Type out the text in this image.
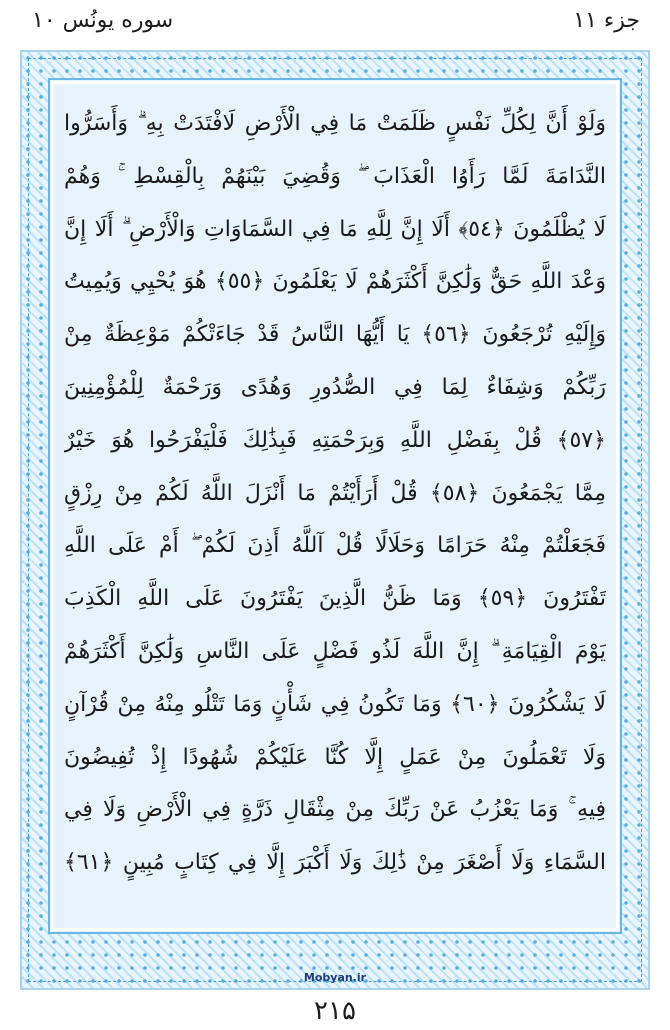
جزء ۱۱
سوره یونُس ۱۰
وَلَوْ أَنَّ لِكُلِّ نَفْسٍ ظَلَمَتْ مَا فِي الْأَرْضِ لَافْتَدَتْ بِهِ ۗ وَأَسَرُّوا
النَّدَامَةَ لَمَّا رَأَوُا الْعَذَابَ ۖ وَقُضِيَ بَيْنَهُمْ بِالْقِسْطِ ۚ وَهُمْ
لَا يُظْلَمُونَ ﴿٥٤﴾ أَلَا إِنَّ لِلَّهِ مَا فِي السَّمَاوَاتِ وَالْأَرْضِ ۗ أَلَا إِنَّ
وَعْدَ اللَّهِ حَقٌّ وَلَٰكِنَّ أَكْثَرَهُمْ لَا يَعْلَمُونَ ﴿٥٥﴾ هُوَ يُحْيِي وَيُمِيتُ
وَإِلَيْهِ تُرْجَعُونَ ﴿٥٦﴾ يَا أَيُّهَا النَّاسُ قَدْ جَاءَتْكُمْ مَوْعِظَةٌ مِنْ
رَبِّكُمْ وَشِفَاءٌ لِمَا فِي الصُّدُورِ وَهُدًى وَرَحْمَةٌ لِلْمُؤْمِنِينَ
﴿٥٧﴾ قُلْ بِفَضْلِ اللَّهِ وَبِرَحْمَتِهِ فَبِذَٰلِكَ فَلْيَفْرَحُوا هُوَ خَيْرٌ
مِمَّا يَجْمَعُونَ ﴿٥٨﴾ قُلْ أَرَأَيْتُمْ مَا أَنْزَلَ اللَّهُ لَكُمْ مِنْ رِزْقٍ
فَجَعَلْتُمْ مِنْهُ حَرَامًا وَحَلَالًا قُلْ آللَّهُ أَذِنَ لَكُمْ ۖ أَمْ عَلَى اللَّهِ
تَفْتَرُونَ ﴿٥٩﴾ وَمَا ظَنُّ الَّذِينَ يَفْتَرُونَ عَلَى اللَّهِ الْكَذِبَ
يَوْمَ الْقِيَامَةِ ۗ إِنَّ اللَّهَ لَذُو فَضْلٍ عَلَى النَّاسِ وَلَٰكِنَّ أَكْثَرَهُمْ
لَا يَشْكُرُونَ ﴿٦٠﴾ وَمَا تَكُونُ فِي شَأْنٍ وَمَا تَتْلُو مِنْهُ مِنْ قُرْآنٍ
وَلَا تَعْمَلُونَ مِنْ عَمَلٍ إِلَّا كُنَّا عَلَيْكُمْ شُهُودًا إِذْ تُفِيضُونَ
فِيهِ ۚ وَمَا يَعْزُبُ عَنْ رَبِّكَ مِنْ مِثْقَالِ ذَرَّةٍ فِي الْأَرْضِ وَلَا فِي
السَّمَاءِ وَلَا أَصْغَرَ مِنْ ذَٰلِكَ وَلَا أَكْبَرَ إِلَّا فِي كِتَابٍ مُبِينٍ ﴿٦١﴾
Mobyan.ir
۲۱۵
